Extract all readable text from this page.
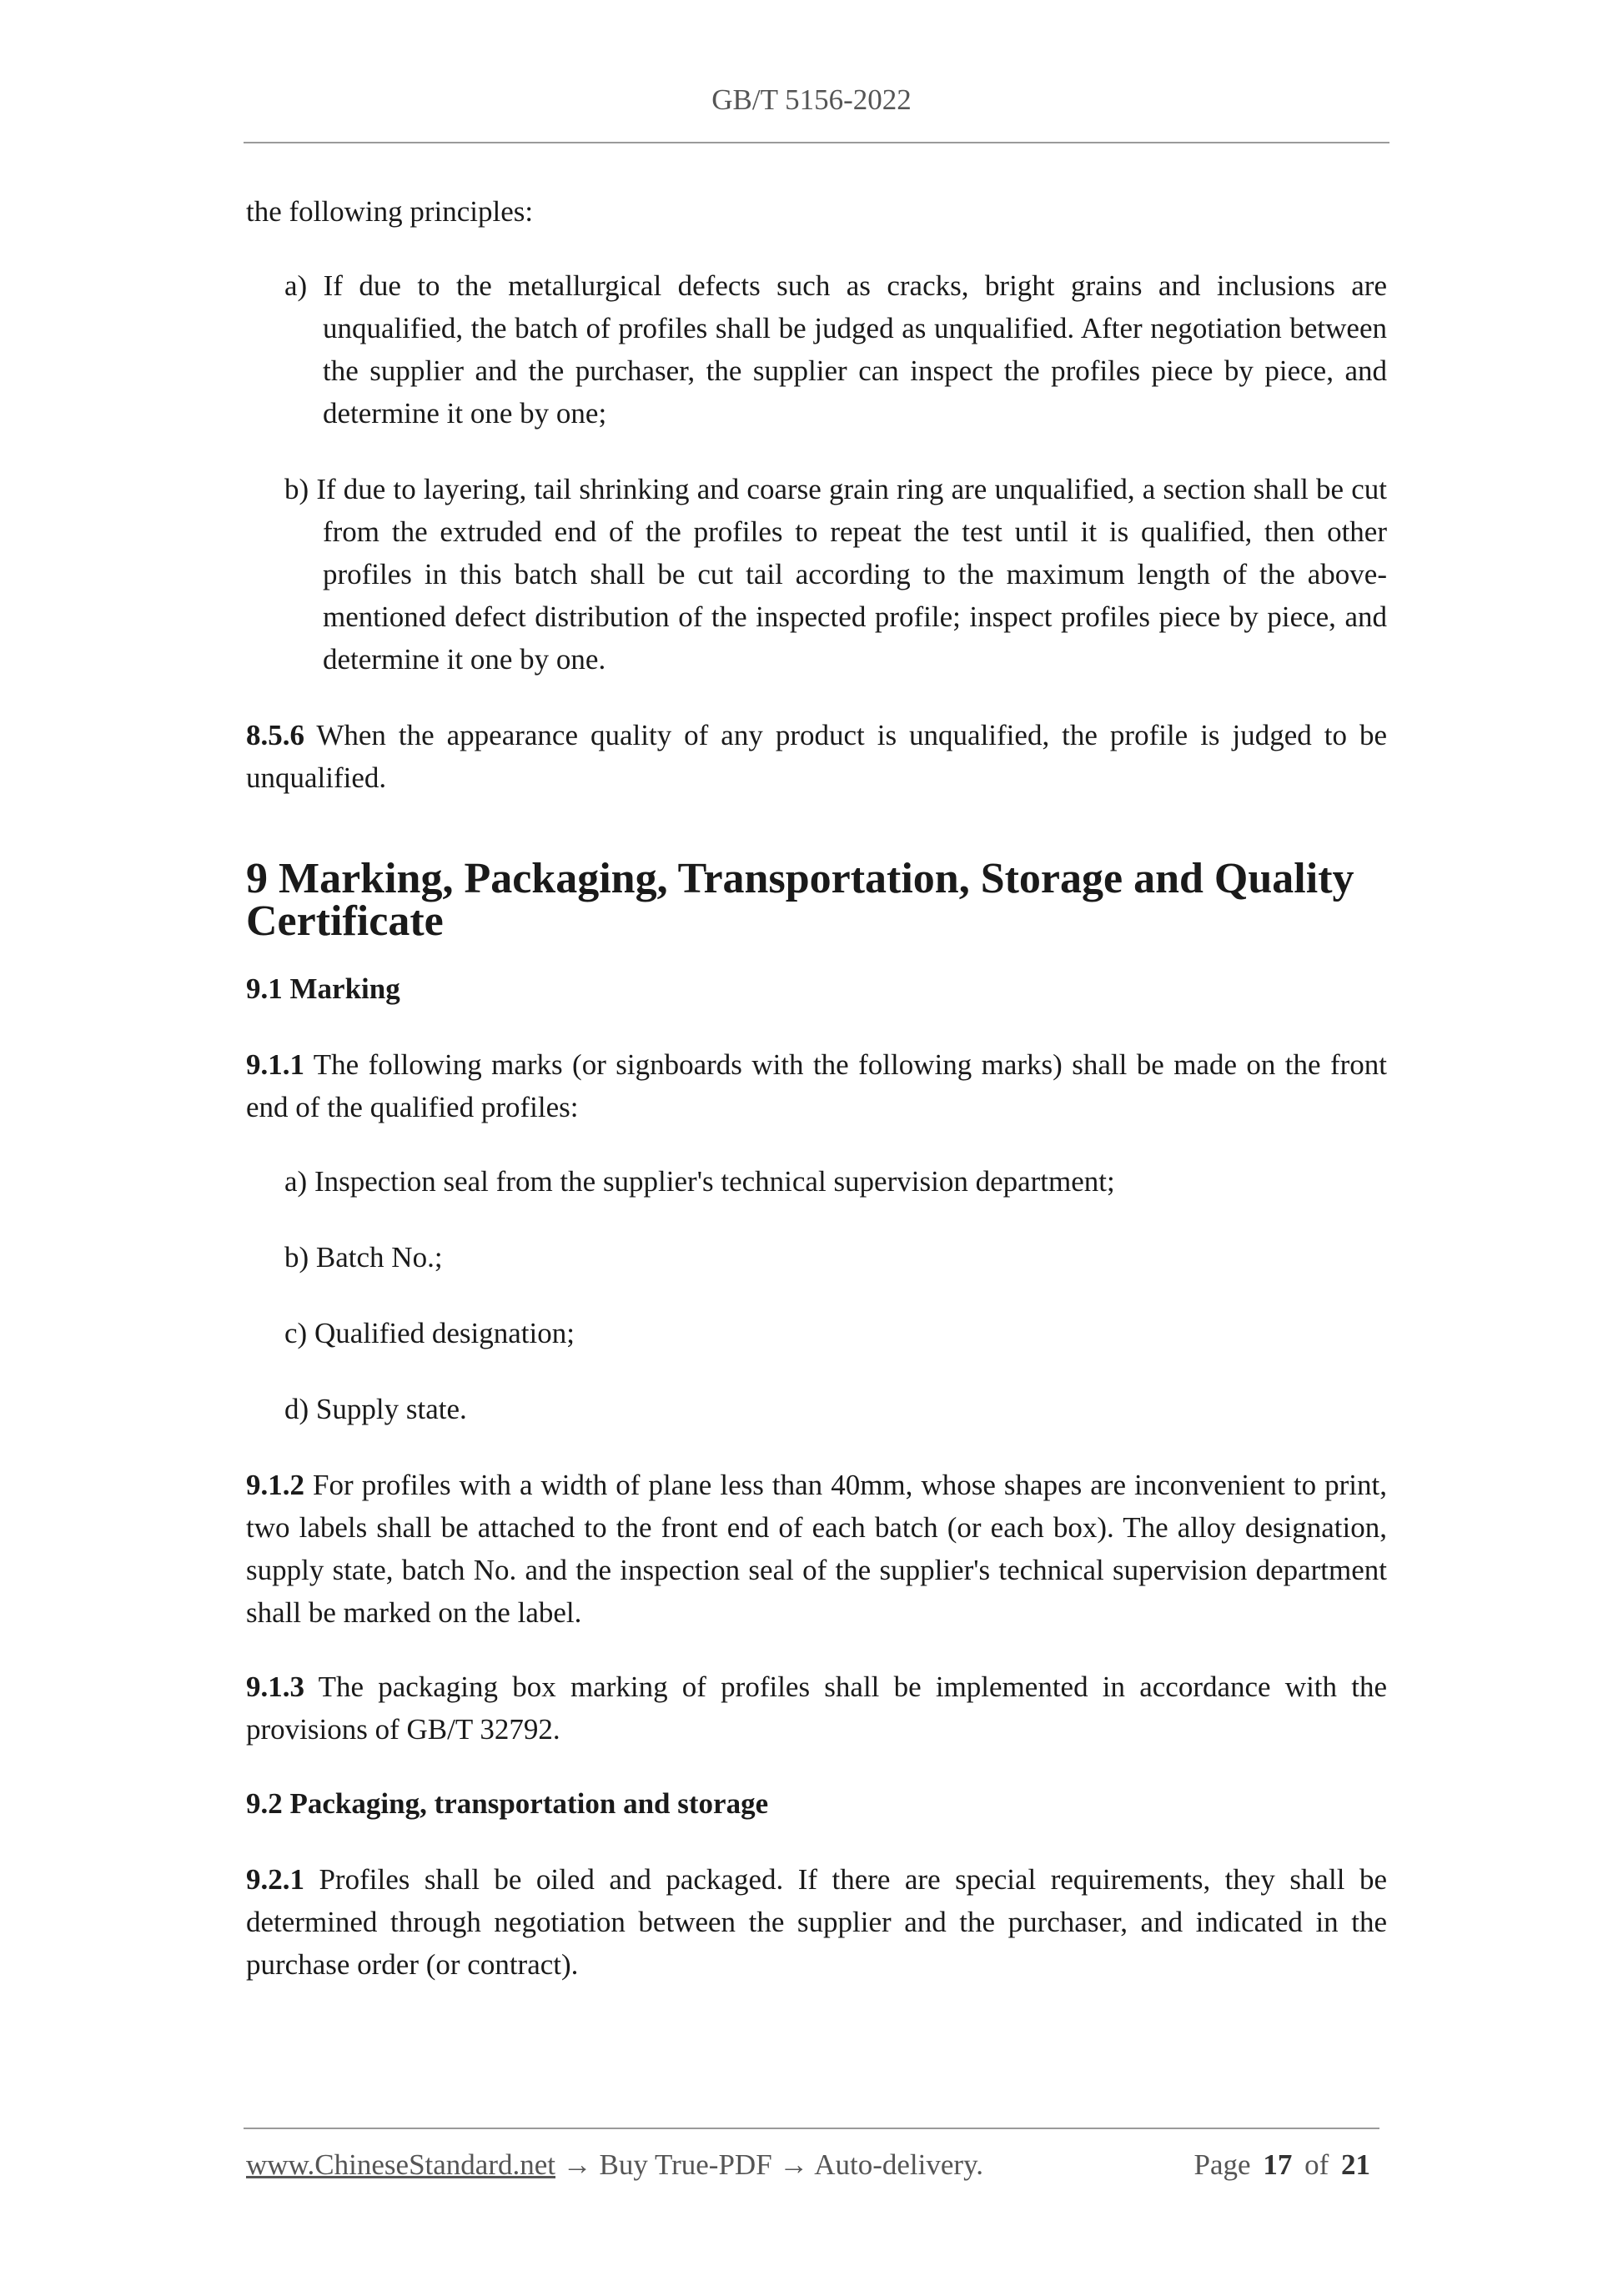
GB/T 5156-2022

the following principles:

a) If due to the metallurgical defects such as cracks, bright grains and inclusions are unqualified, the batch of profiles shall be judged as unqualified. After negotiation between the supplier and the purchaser, the supplier can inspect the profiles piece by piece, and determine it one by one;

b) If due to layering, tail shrinking and coarse grain ring are unqualified, a section shall be cut from the extruded end of the profiles to repeat the test until it is qualified, then other profiles in this batch shall be cut tail according to the maximum length of the above-mentioned defect distribution of the inspected profile; inspect profiles piece by piece, and determine it one by one.

8.5.6 When the appearance quality of any product is unqualified, the profile is judged to be unqualified.

9 Marking, Packaging, Transportation, Storage and Quality Certificate

9.1 Marking

9.1.1 The following marks (or signboards with the following marks) shall be made on the front end of the qualified profiles:

a) Inspection seal from the supplier's technical supervision department;

b) Batch No.;

c) Qualified designation;

d) Supply state.

9.1.2 For profiles with a width of plane less than 40mm, whose shapes are inconvenient to print, two labels shall be attached to the front end of each batch (or each box). The alloy designation, supply state, batch No. and the inspection seal of the supplier's technical supervision department shall be marked on the label.

9.1.3 The packaging box marking of profiles shall be implemented in accordance with the provisions of GB/T 32792.

9.2 Packaging, transportation and storage

9.2.1 Profiles shall be oiled and packaged. If there are special requirements, they shall be determined through negotiation between the supplier and the purchaser, and indicated in the purchase order (or contract).

www.ChineseStandard.net → Buy True-PDF → Auto-delivery.	Page 17 of 21
